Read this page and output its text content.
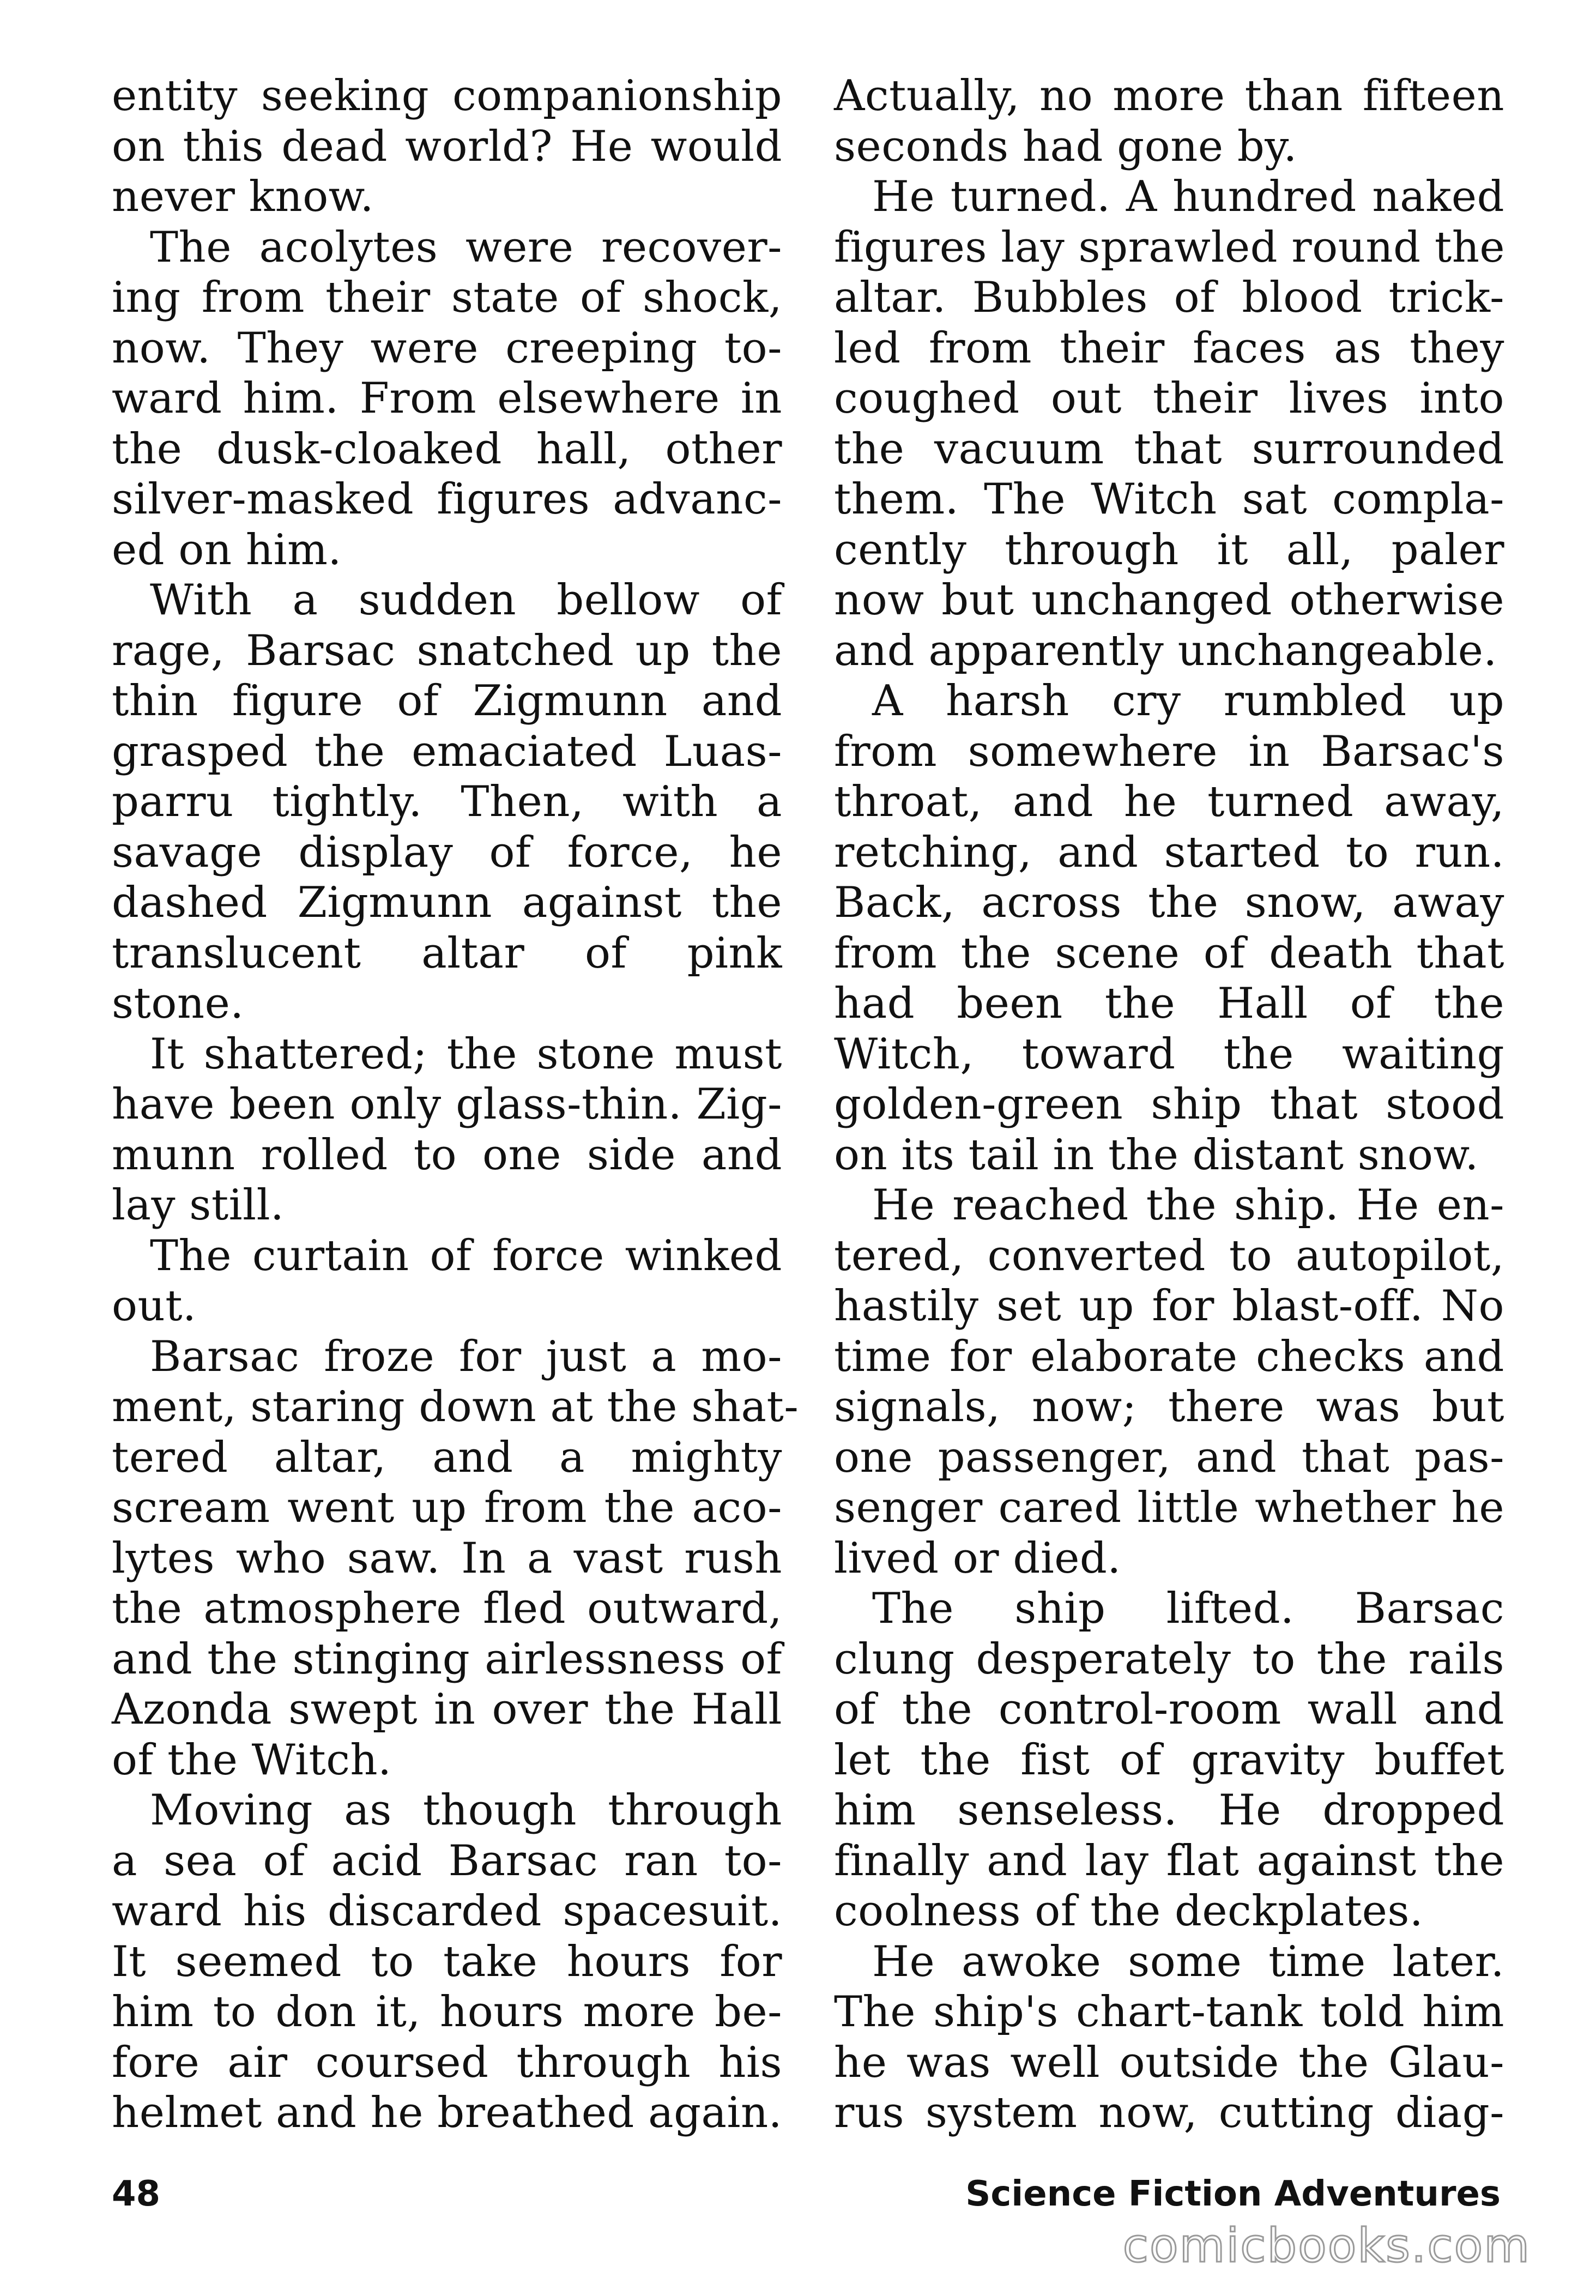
entity seeking companionship
on this dead world? He would
never know.
The acolytes were recover-
ing from their state of shock,
now. They were creeping to-
ward him. From elsewhere in
the dusk-cloaked hall, other
silver-masked figures advanc-
ed on him.
With a sudden bellow of
rage, Barsac snatched up the
thin figure of Zigmunn and
grasped the emaciated Luas-
parru tightly. Then, with a
savage display of force, he
dashed Zigmunn against the
translucent altar of pink
stone.
It shattered; the stone must
have been only glass-thin. Zig-
munn rolled to one side and
lay still.
The curtain of force winked
out.
Barsac froze for just a mo-
ment, staring down at the shat-
tered altar, and a mighty
scream went up from the aco-
lytes who saw. In a vast rush
the atmosphere fled outward,
and the stinging airlessness of
Azonda swept in over the Hall
of the Witch.
Moving as though through
a sea of acid Barsac ran to-
ward his discarded spacesuit.
It seemed to take hours for
him to don it, hours more be-
fore air coursed through his
helmet and he breathed again.
Actually, no more than fifteen
seconds had gone by.
He turned. A hundred naked
figures lay sprawled round the
altar. Bubbles of blood trick-
led from their faces as they
coughed out their lives into
the vacuum that surrounded
them. The Witch sat compla-
cently through it all, paler
now but unchanged otherwise
and apparently unchangeable.
A harsh cry rumbled up
from somewhere in Barsac's
throat, and he turned away,
retching, and started to run.
Back, across the snow, away
from the scene of death that
had been the Hall of the
Witch, toward the waiting
golden-green ship that stood
on its tail in the distant snow.
He reached the ship. He en-
tered, converted to autopilot,
hastily set up for blast-off. No
time for elaborate checks and
signals, now; there was but
one passenger, and that pas-
senger cared little whether he
lived or died.
The ship lifted. Barsac
clung desperately to the rails
of the control-room wall and
let the fist of gravity buffet
him senseless. He dropped
finally and lay flat against the
coolness of the deckplates.
He awoke some time later.
The ship's chart-tank told him
he was well outside the Glau-
rus system now, cutting diag-
48	Science Fiction Adventures
comicbooks.com
